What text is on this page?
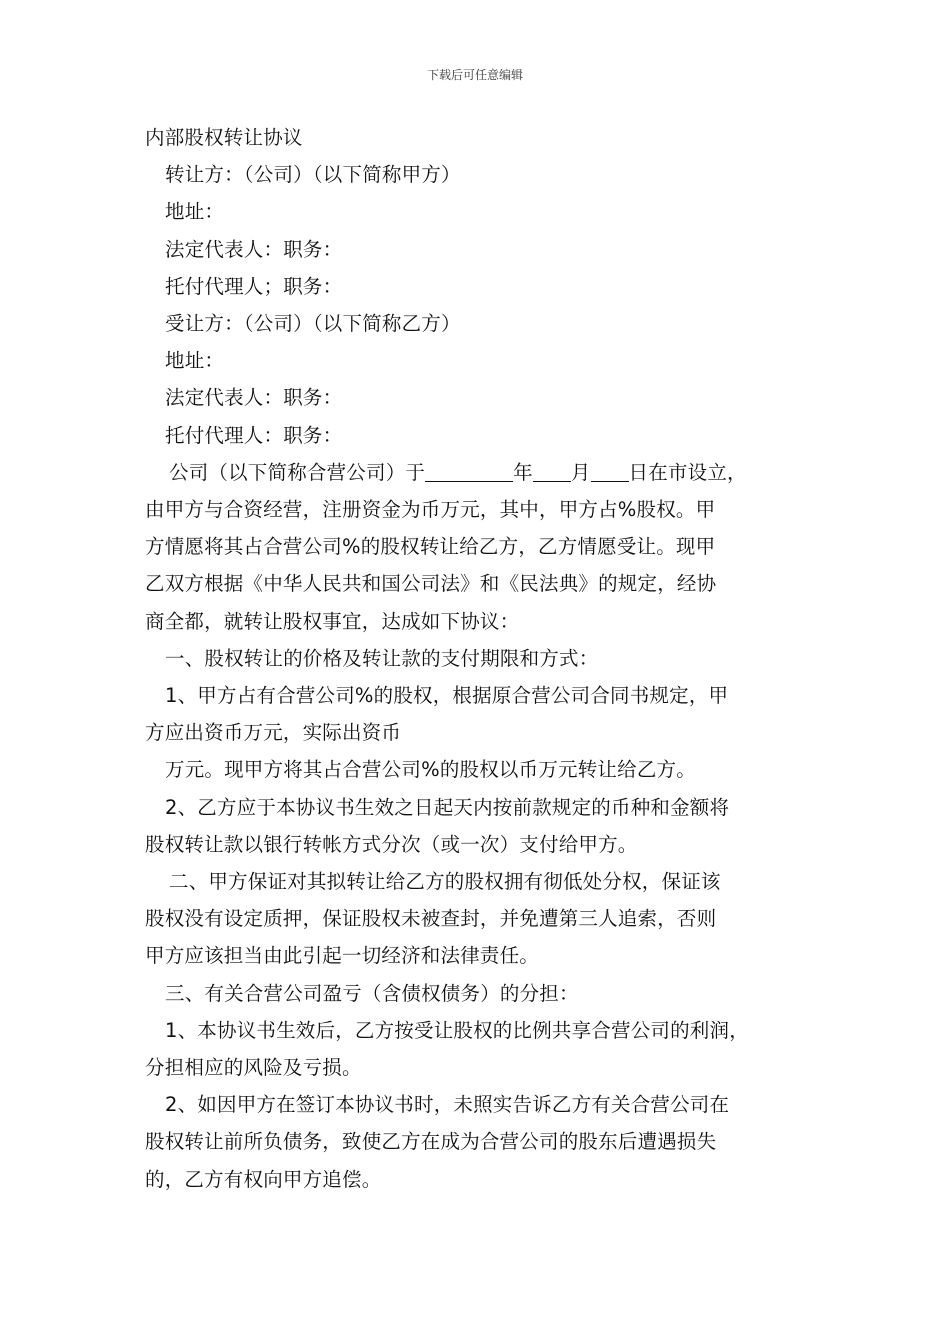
下载后可任意编辑

内部股权转让协议

转让方：（公司）（以下简称甲方）

地址：

法定代表人：职务：

托付代理人；职务：

受让方：（公司）（以下简称乙方）

地址：

法定代表人：职务：

托付代理人：职务：

公司（以下简称合营公司）于	年 月 日在市设立，

由甲方与合资经营，注册资金为币万元，其中，甲方占%股权。甲

方情愿将其占合营公司%的股权转让给乙方，乙方情愿受让。现甲

乙双方根据《中华人民共和国公司法》和《民法典》的规定，经协

商全都，就转让股权事宜，达成如下协议：

一、股权转让的价格及转让款的支付期限和方式：

1、甲方占有合营公司%的股权，根据原合营公司合同书规定，甲

方应出资币万元，实际出资币

万元。现甲方将其占合营公司%的股权以币万元转让给乙方。

2、乙方应于本协议书生效之日起天内按前款规定的币种和金额将

股权转让款以银行转帐方式分次（或一次）支付给甲方。

二、甲方保证对其拟转让给乙方的股权拥有彻低处分权，保证该

股权没有设定质押，保证股权未被查封，并免遭第三人追索，否则

甲方应该担当由此引起一切经济和法律责任。

三、有关合营公司盈亏（含债权债务）的分担：

1、本协议书生效后，乙方按受让股权的比例共享合营公司的利润，

分担相应的风险及亏损。

2、如因甲方在签订本协议书时，未照实告诉乙方有关合营公司在

股权转让前所负债务，致使乙方在成为合营公司的股东后遭遇损失

的，乙方有权向甲方追偿。
